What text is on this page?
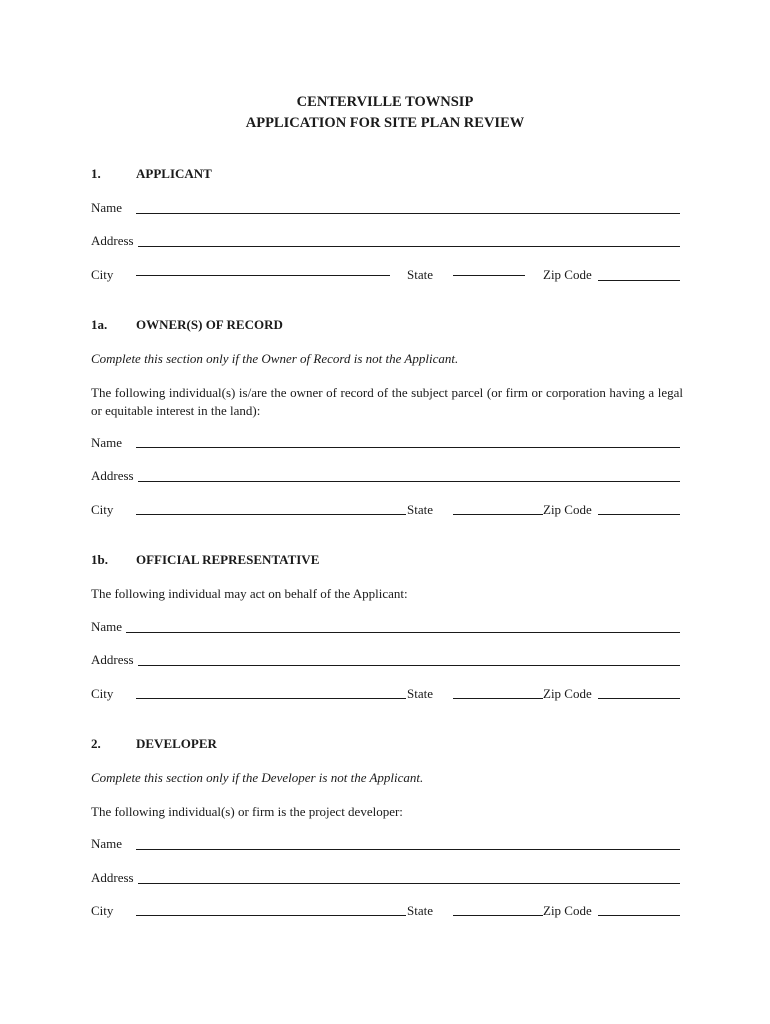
CENTERVILLE TOWNSIP
APPLICATION FOR SITE PLAN REVIEW
1.	APPLICANT
Name
Address
City	State	Zip Code
1a. OWNER(S) OF RECORD
Complete this section only if the Owner of Record is not the Applicant.
The following individual(s) is/are the owner of record of the subject parcel (or firm or corporation having a legal or equitable interest in the land):
Name
Address
City	State	Zip Code
1b. OFFICIAL REPRESENTATIVE
The following individual may act on behalf of the Applicant:
Name
Address
City	State	Zip Code
2.	DEVELOPER
Complete this section only if the Developer is not the Applicant.
The following individual(s) or firm is the project developer:
Name
Address
City	State	Zip Code
